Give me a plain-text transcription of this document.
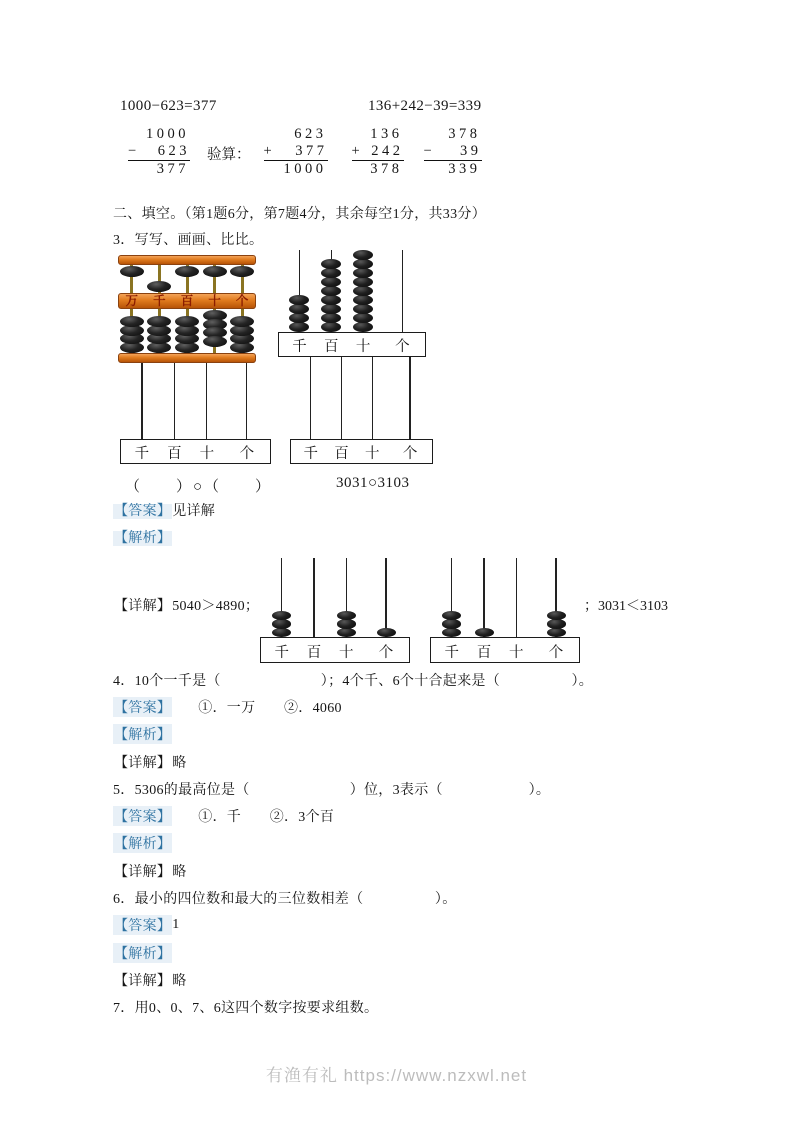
1000−623=377	136+242−39=339
1000
− 623
377
验算：
623
+ 377
1000
136
+ 242
378
378
− 39
339
二、填空。（第1题6分，第7题4分，其余每空1分，共33分）
3．写写、画画、比比。
万	千	百	十	个
千 百 十 个
千 百 十 个	千 百 十 个
（　　）○（　　）	3031○3103
【答案】见详解
【解析】
【详解】5040＞4890；
千 百 十 个	千 百 十 个
；3031＜3103
4．10个一千是（　　　　　　　）；4个千、6个十合起来是（　　　　　）。
【答案】 ①．一万　　②．4060
【解析】
【详解】 略
5．5306的最高位是（　　　　　　　）位，3表示（　　　　　　）。
【答案】 ①．千　　②．3个百
【解析】
【详解】 略
6．最小的四位数和最大的三位数相差（　　　　　）。
【答案】 1
【解析】
【详解】 略
7．用0、0、7、6这四个数字按要求组数。
有渔有礼 https://www.nzxwl.net
